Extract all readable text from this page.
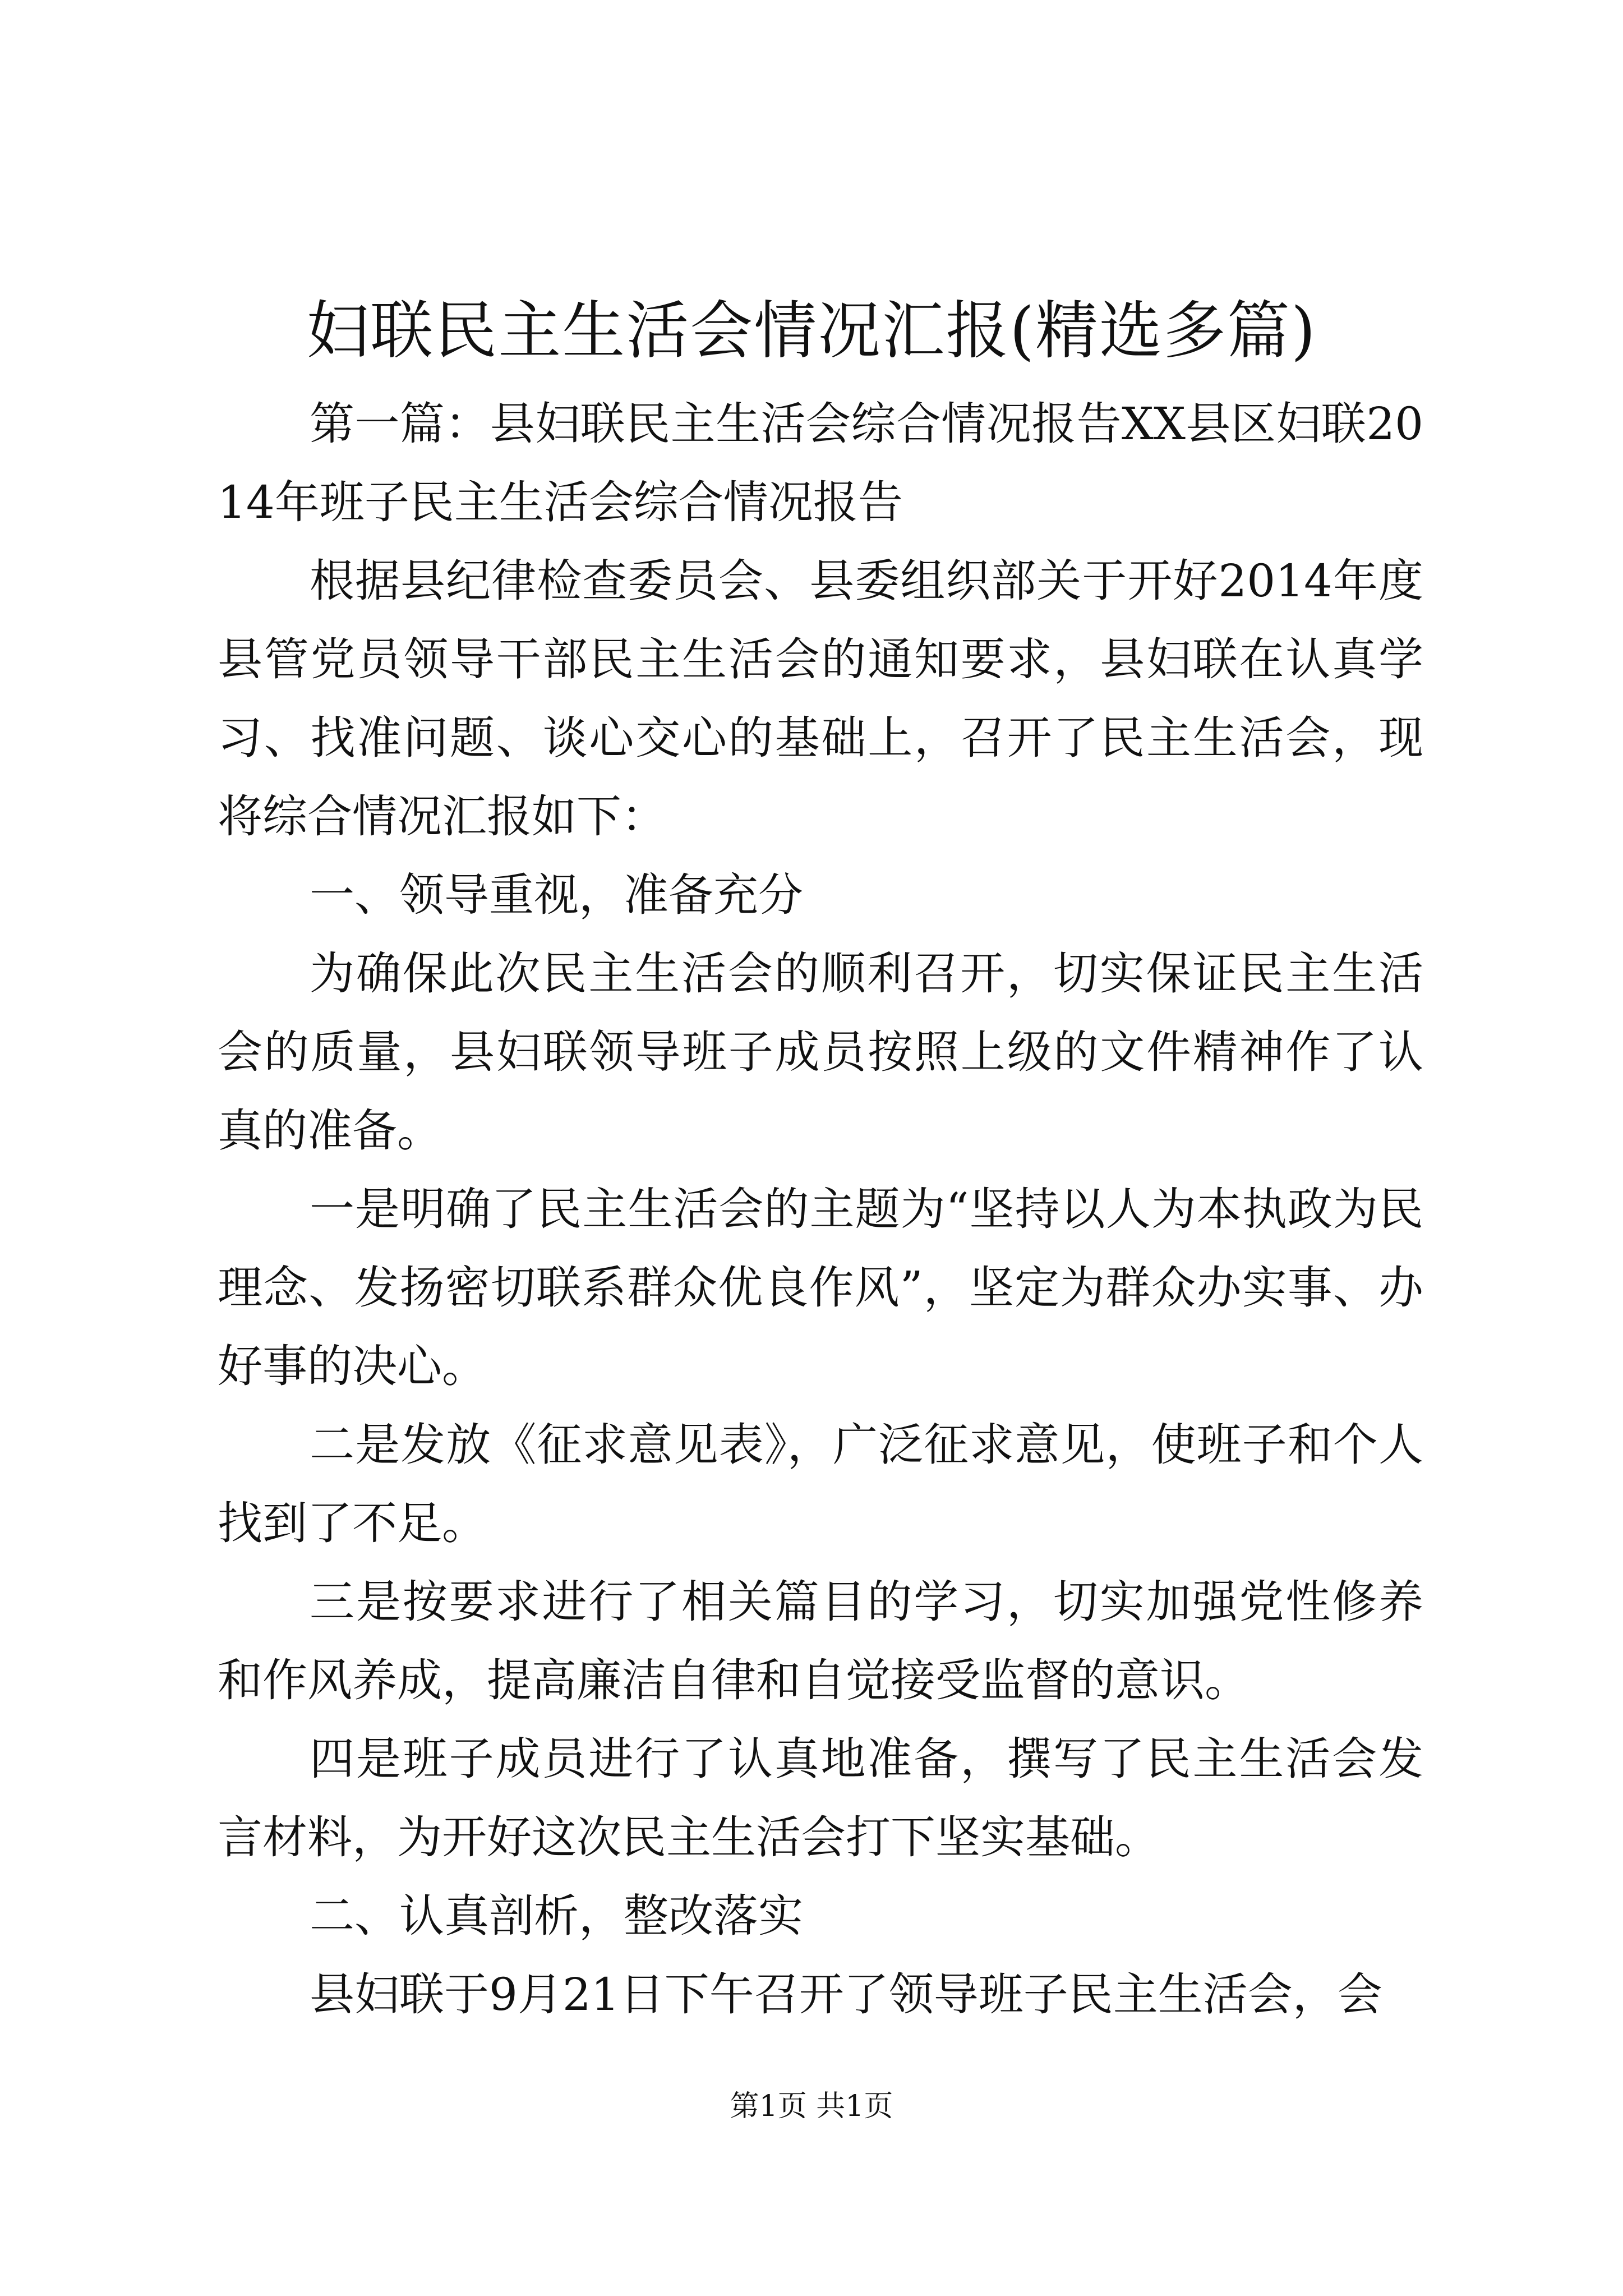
妇联民主生活会情况汇报(精选多篇)

第一篇：县妇联民主生活会综合情况报告XX县区妇联2014年班子民主生活会综合情况报告

根据县纪律检查委员会、县委组织部关于开好2014年度县管党员领导干部民主生活会的通知要求，县妇联在认真学习、找准问题、谈心交心的基础上，召开了民主生活会，现将综合情况汇报如下：

一、领导重视，准备充分

为确保此次民主生活会的顺利召开，切实保证民主生活会的质量，县妇联领导班子成员按照上级的文件精神作了认真的准备。

一是明确了民主生活会的主题为“坚持以人为本执政为民理念、发扬密切联系群众优良作风”，坚定为群众办实事、办好事的决心。

二是发放《征求意见表》，广泛征求意见，使班子和个人找到了不足。

三是按要求进行了相关篇目的学习，切实加强党性修养和作风养成，提高廉洁自律和自觉接受监督的意识。

四是班子成员进行了认真地准备，撰写了民主生活会发言材料，为开好这次民主生活会打下坚实基础。

二、认真剖析，整改落实

县妇联于9月21日下午召开了领导班子民主生活会，会

第1页 共1页
